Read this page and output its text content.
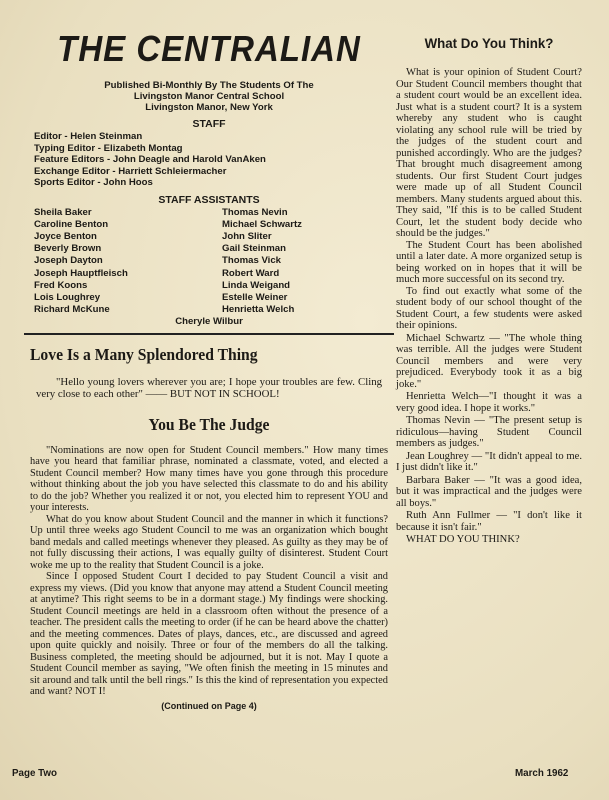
THE CENTRALIAN
Published Bi-Monthly By The Students Of The
Livingston Manor Central School
Livingston Manor, New York
STAFF
Editor - Helen Steinman
Typing Editor - Elizabeth Montag
Feature Editors - John Deagle and Harold VanAken
Exchange Editor - Harriett Schleiermacher
Sports Editor - John Hoos
STAFF ASSISTANTS
Sheila Baker	Thomas Nevin
Caroline Benton	Michael Schwartz
Joyce Benton	John Sliter
Beverly Brown	Gail Steinman
Joseph Dayton	Thomas Vick
Joseph Hauptfleisch	Robert Ward
Fred Koons	Linda Weigand
Lois Loughrey	Estelle Weiner
Richard McKune	Henrietta Welch
Cheryle Wilbur
Love Is a Many Splendored Thing
"Hello young lovers wherever you are; I hope your troubles are few. Cling very close to each other" —— BUT NOT IN SCHOOL!
You Be The Judge

"Nominations are now open for Student Council members." How many times have you heard that familiar phrase, nominated a classmate, voted, and elected a Student Council member? How many times have you gone through this procedure without thinking about the job you have selected this classmate to do and his ability to do the job? Whether you realized it or not, you elected him to represent YOU and your interests.

What do you know about Student Council and the manner in which it functions? Up until three weeks ago Student Council to me was an organization which bought band medals and called meetings whenever they pleased. As guilty as they may be of not fully discussing their actions, I was equally guilty of disinterest. Student Court woke me up to the reality that Student Council is a joke.

Since I opposed Student Court I decided to pay Student Council a visit and express my views. (Did you know that anyone may attend a Student Council meeting at anytime? This right seems to be in a dormant stage.) My findings were shocking. Student Council meetings are held in a classroom often without the presence of a teacher. The president calls the meeting to order (if he can be heard above the chatter) and the meeting commences. Dates of plays, dances, etc., are discussed and agreed upon quite quickly and noisily. Three or four of the members do all the talking. Business completed, the meeting should be adjourned, but it is not. May I quote a Student Council member as saying, "We often finish the meeting in 15 minutes and sit around and talk until the bell rings." Is this the kind of representation you expected and want? NOT I!

(Continued on Page 4)
What Do You Think?

What is your opinion of Student Court? Our Student Council members thought that a student court would be an excellent idea. Just what is a student court? It is a system whereby any student who is caught violating any school rule will be tried by the judges of the student court and punished accordingly. Who are the judges? That brought much disagreement among students. Our first Student Court judges were made up of all Student Council members. Many students argued about this. They said, "If this is to be called Student Court, let the student body decide who should be the judges."

The Student Court has been abolished until a later date. A more organized setup is being worked on in hopes that it will be much more successful on its second try.

To find out exactly what some of the student body of our school thought of the Student Court, a few students were asked their opinions.

Michael Schwartz — "The whole thing was terrible. All the judges were Student Council members and were very prejudiced. Everybody took it as a big joke."

Henrietta Welch—"I thought it was a very good idea. I hope it works."

Thomas Nevin — "The present setup is ridiculous—having Student Council members as judges."

Jean Loughrey — "It didn't appeal to me. I just didn't like it."

Barbara Baker — "It was a good idea, but it was impractical and the judges were all boys."

Ruth Ann Fullmer — "I don't like it because it isn't fair."

WHAT DO YOU THINK?

Page Two	March 1962
